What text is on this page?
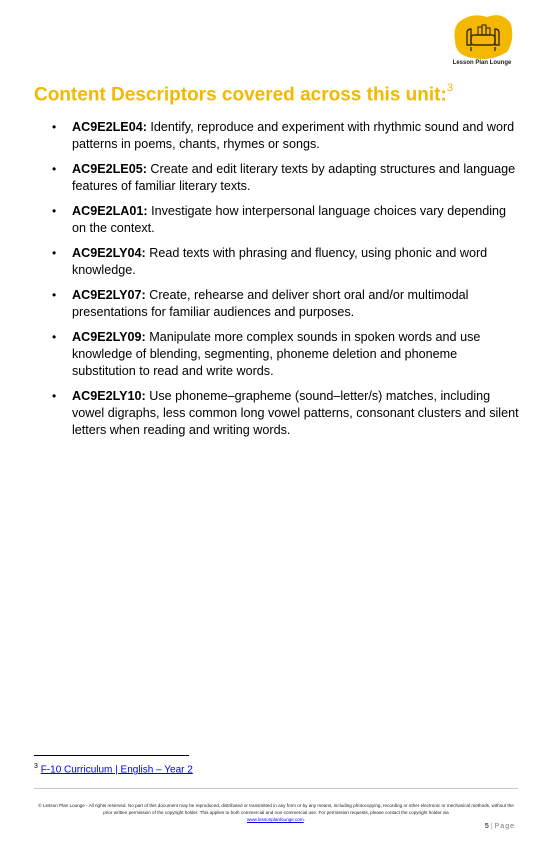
Lesson Plan Lounge
Content Descriptors covered across this unit:$^3$
• AC9E2LE04: Identify, reproduce and experiment with rhythmic sound and word patterns in poems, chants, rhymes or songs.
• AC9E2LE05: Create and edit literary texts by adapting structures and language features of familiar literary texts.
• AC9E2LA01: Investigate how interpersonal language choices vary depending on the context.
• AC9E2LY04: Read texts with phrasing and fluency, using phonic and word knowledge.
• AC9E2LY07: Create, rehearse and deliver short oral and/or multimodal presentations for familiar audiences and purposes.
• AC9E2LY09: Manipulate more complex sounds in spoken words and use knowledge of blending, segmenting, phoneme deletion and phoneme substitution to read and write words.
• AC9E2LY10: Use phoneme–grapheme (sound–letter/s) matches, including vowel digraphs, less common long vowel patterns, consonant clusters and silent letters when reading and writing words.
$^3$ F-10 Curriculum | English – Year 2
© Lesson Plan Lounge - All rights reserved. No part of this document may be reproduced, distributed or transmitted in any form or by any means, including photocopying, recording or other electronic or mechanical methods, without the prior written permission of the copyright holder. This applies to both commercial and non-commercial use. For permission requests, please contact the copyright holder via
www.lessonplanlounge.com.
5 | Page
